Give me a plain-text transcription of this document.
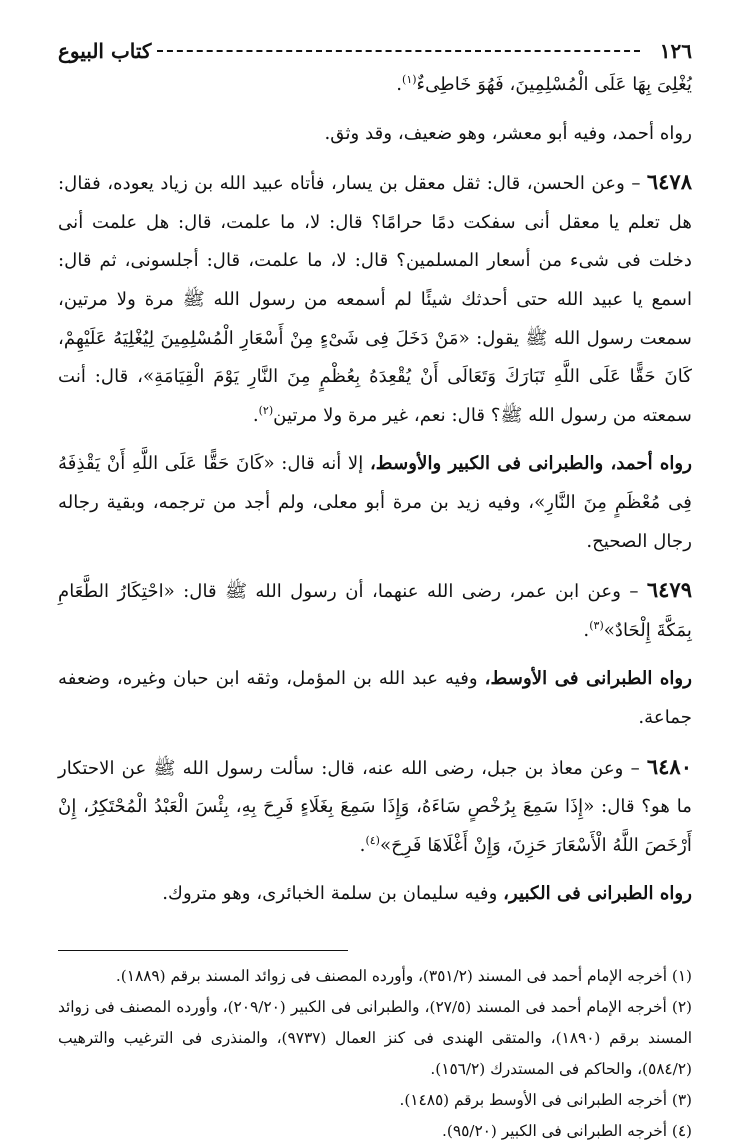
١٢٦
كتاب البيوع

يُغْلِىَ بِهَا عَلَى الْمُسْلِمِينَ، فَهُوَ خَاطِىءٌ$^{(١)}$.

رواه أحمد، وفيه أبو معشر، وهو ضعيف، وقد وثق.

٦٤٧٨ – وعن الحسن، قال: ثقل معقل بن يسار، فأتاه عبيد الله بن زياد يعوده، فقال: هل تعلم يا معقل أنى سفكت دمًا حرامًا؟ قال: لا، ما علمت، قال: هل علمت أنى دخلت فى شىء من أسعار المسلمين؟ قال: لا، ما علمت، قال: أجلسونى، ثم قال: اسمع يا عبيد الله حتى أحدثك شيئًا لم أسمعه من رسول الله ﷺ مرة ولا مرتين، سمعت رسول الله ﷺ يقول: «مَنْ دَخَلَ فِى شَىْءٍ مِنْ أَسْعَارِ الْمُسْلِمِينَ لِيُغْلِيَهُ عَلَيْهِمْ، كَانَ حَقًّا عَلَى اللَّهِ تَبَارَكَ وَتَعَالَى أَنْ يُقْعِدَهُ بِعُظْمٍ مِنَ النَّارِ يَوْمَ الْقِيَامَةِ»، قال: أنت سمعته من رسول الله ﷺ؟ قال: نعم، غير مرة ولا مرتين$^{(٢)}$.

رواه أحمد، والطبرانى فى الكبير والأوسط، إلا أنه قال: «كَانَ حَقًّا عَلَى اللَّهِ أَنْ يَقْذِفَهُ فِى مُعْظَمٍ مِنَ النَّارِ»، وفيه زيد بن مرة أبو معلى، ولم أجد من ترجمه، وبقية رجاله رجال الصحيح.

٦٤٧٩ – وعن ابن عمر، رضى الله عنهما، أن رسول الله ﷺ قال: «احْتِكَارُ الطَّعَامِ بِمَكَّةَ إِلْحَادٌ»$^{(٣)}$.

رواه الطبرانى فى الأوسط، وفيه عبد الله بن المؤمل، وثقه ابن حبان وغيره، وضعفه جماعة.

٦٤٨٠ – وعن معاذ بن جبل، رضى الله عنه، قال: سألت رسول الله ﷺ عن الاحتكار ما هو؟ قال: «إِذَا سَمِعَ بِرُخْصٍ سَاءَهُ، وَإِذَا سَمِعَ بِغَلَاءٍ فَرِحَ بِهِ، بِئْسَ الْعَبْدُ الْمُحْتَكِرُ، إِنْ أَرْخَصَ اللَّهُ الْأَسْعَارَ حَزِنَ، وَإِنْ أَغْلَاهَا فَرِحَ»$^{(٤)}$.

رواه الطبرانى فى الكبير، وفيه سليمان بن سلمة الخبائرى، وهو متروك.

(١) أخرجه الإمام أحمد فى المسند (٣٥١/٢)، وأورده المصنف فى زوائد المسند برقم (١٨٨٩).

(٢) أخرجه الإمام أحمد فى المسند (٢٧/٥)، والطبرانى فى الكبير (٢٠٩/٢٠)، وأورده المصنف فى زوائد المسند برقم (١٨٩٠)، والمتقى الهندى فى كنز العمال (٩٧٣٧)، والمنذرى فى الترغيب والترهيب (٥٨٤/٢)، والحاكم فى المستدرك (١٥٦/٢).

(٣) أخرجه الطبرانى فى الأوسط برقم (١٤٨٥).

(٤) أخرجه الطبرانى فى الكبير (٩٥/٢٠).
